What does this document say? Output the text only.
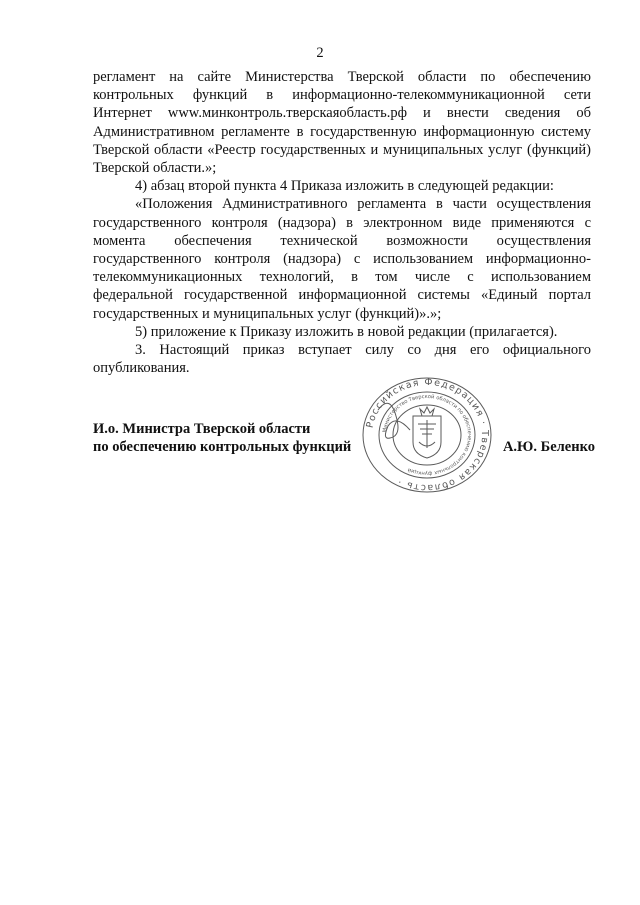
2

регламент на сайте Министерства Тверской области по обеспечению контрольных функций в информационно-телекоммуникационной сети Интернет www.минконтроль.тверскаяобласть.рф и внести сведения об Административном регламенте в государственную информационную систему Тверской области «Реестр государственных и муниципальных услуг (функций) Тверской области.»;

4) абзац второй пункта 4 Приказа изложить в следующей редакции:

«Положения Административного регламента в части осуществления государственного контроля (надзора) в электронном виде применяются с момента обеспечения технической возможности осуществления государственного контроля (надзора) с использованием информационно- телекоммуникационных технологий, в том числе с использованием федеральной государственной информационной системы «Единый портал государственных и муниципальных услуг (функций)».»;

5) приложение к Приказу изложить в новой редакции (прилагается).

3. Настоящий приказ вступает силу со дня его официального опубликования.

И.о. Министра Тверской области
по обеспечению контрольных функций	А.Ю. Беленко
Российская Федерация · Тверская область ·
Министерство Тверской области по обеспечению контрольных функций
